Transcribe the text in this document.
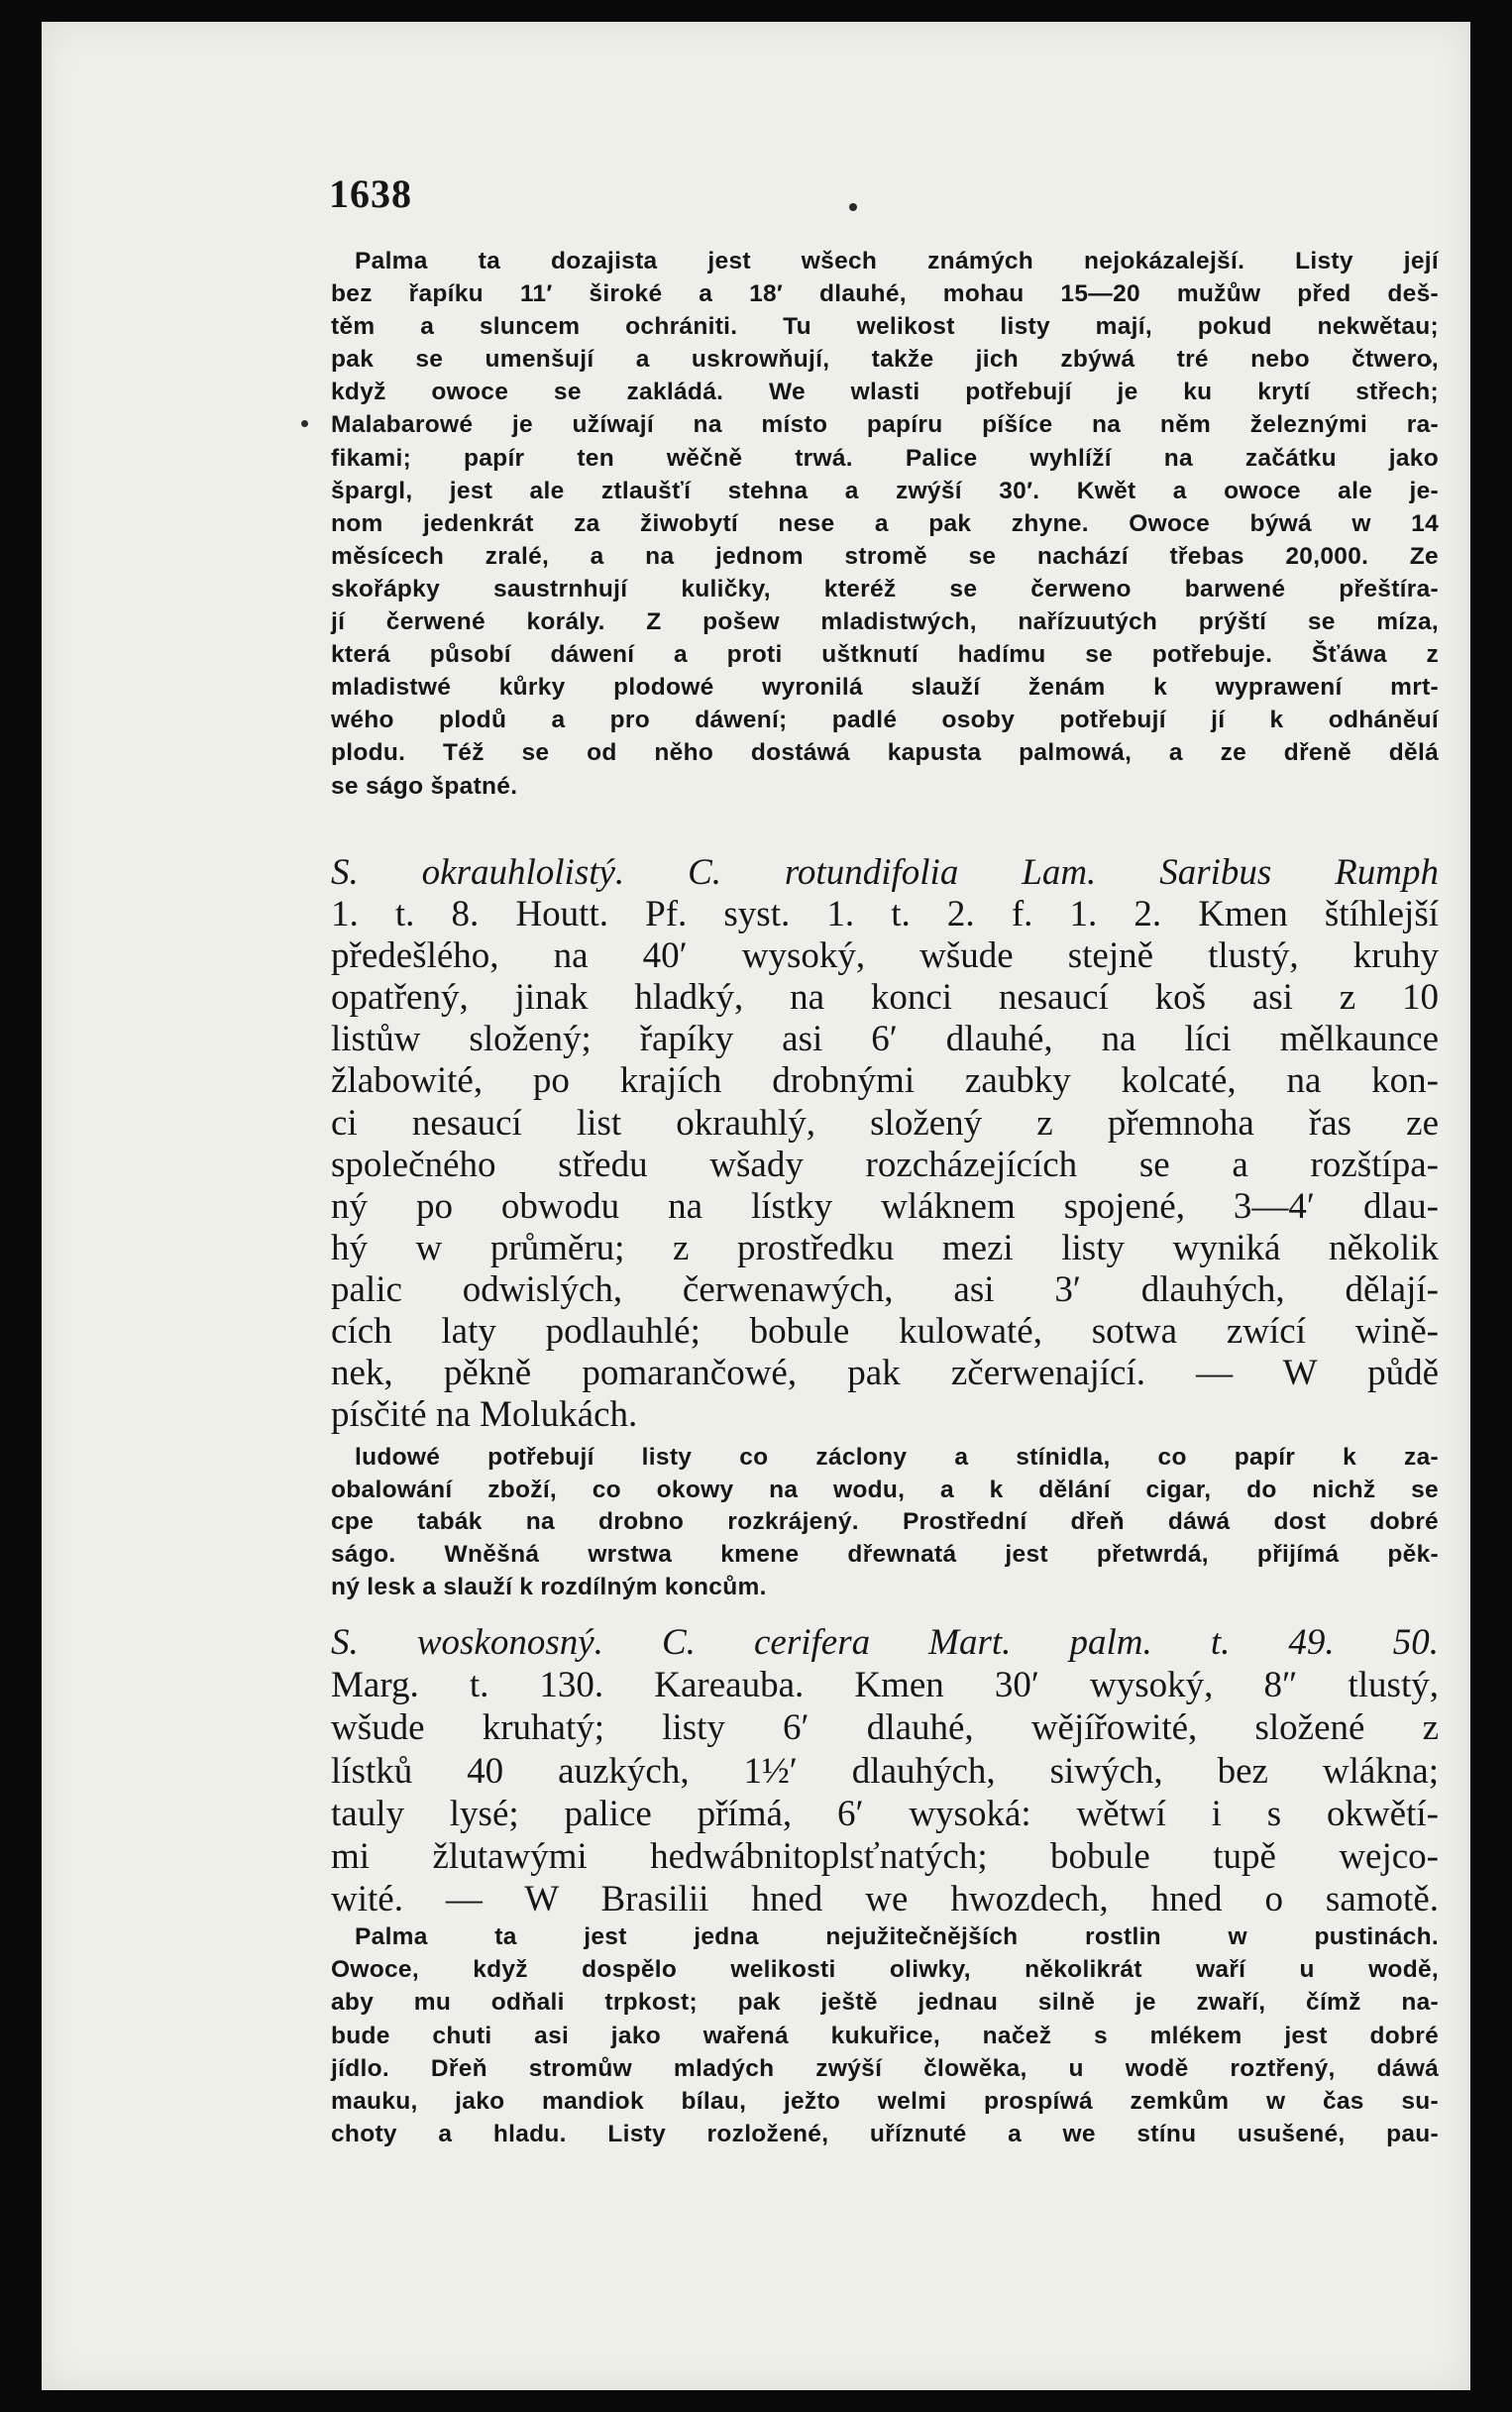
1638
Palma ta dozajista jest wšech známých nejokázalejší. Listy její
bez řapíku 11′ široké a 18′ dlauhé, mohau 15—20 mužůw před deš-
těm a sluncem ochrániti. Tu welikost listy mají, pokud nekwětau;
pak se umenšují a uskrowňují, takže jich zbýwá tré nebo čtwero,
když owoce se zakládá. We wlasti potřebují je ku krytí střech;
Malabarowé je užíwají na místo papíru píšíce na něm železnými ra-
fikami; papír ten wěčně trwá. Palice wyhlíží na začátku jako
špargl, jest ale ztlaušťí stehna a zwýší 30′. Kwět a owoce ale je-
nom jedenkrát za žiwobytí nese a pak zhyne. Owoce býwá w 14
měsícech zralé, a na jednom stromě se nachází třebas 20,000. Ze
skořápky saustrnhují kuličky, kteréž se čerweno barwené přeštíra-
jí čerwené korály. Z pošew mladistwých, nařízuutých prýští se míza,
která působí dáwení a proti uštknutí hadímu se potřebuje. Šťáwa z
mladistwé kůrky plodowé wyronilá slauží ženám k wyprawení mrt-
wého plodů a pro dáwení; padlé osoby potřebují jí k odháněuí
plodu. Též se od něho dostáwá kapusta palmowá, a ze dřeně dělá
se ságo špatné.
S. okrauhlolistý. C. rotundifolia Lam. Saribus Rumph
1. t. 8. Houtt. Pf. syst. 1. t. 2. f. 1. 2. Kmen štíhlejší
předešlého, na 40′ wysoký, wšude stejně tlustý, kruhy
opatřený, jinak hladký, na konci nesaucí koš asi z 10
listůw složený; řapíky asi 6′ dlauhé, na líci mělkaunce
žlabowité, po krajích drobnými zaubky kolcaté, na kon-
ci nesaucí list okrauhlý, složený z přemnoha řas ze
společného středu wšady rozcházejících se a rozštípa-
ný po obwodu na lístky wláknem spojené, 3—4′ dlau-
hý w průměru; z prostředku mezi listy wyniká několik
palic odwislých, čerwenawých, asi 3′ dlauhých, dělají-
cích laty podlauhlé; bobule kulowaté, sotwa zwící wině-
nek, pěkně pomarančowé, pak zčerwenající. — W půdě
písčité na Molukách.
ludowé potřebují listy co záclony a stínidla, co papír k za-
obalowání zboží, co okowy na wodu, a k dělání cigar, do nichž se
cpe tabák na drobno rozkrájený. Prostřední dřeň dáwá dost dobré
ságo. Wněšná wrstwa kmene dřewnatá jest přetwrdá, přijímá pěk-
ný lesk a slauží k rozdílným koncům.
S. woskonosný. C. cerifera Mart. palm. t. 49. 50.
Marg. t. 130. Kareauba. Kmen 30′ wysoký, 8″ tlustý,
wšude kruhatý; listy 6′ dlauhé, wějířowité, složené z
lístků 40 auzkých, 1½′ dlauhých, siwých, bez wlákna;
tauly lysé; palice přímá, 6′ wysoká: wětwí i s okwětí-
mi žlutawými hedwábnitoplsťnatých; bobule tupě wejco-
wité. — W Brasilii hned we hwozdech, hned o samotě.
Palma ta jest jedna nejužitečnějších rostlin w pustinách.
Owoce, když dospělo welikosti oliwky, několikrát waří u wodě,
aby mu odňali trpkost; pak ještě jednau silně je zwaří, čímž na-
bude chuti asi jako wařená kukuřice, načež s mlékem jest dobré
jídlo. Dřeň stromůw mladých zwýší člowěka, u wodě roztřený, dáwá
mauku, jako mandiok bílau, ježto welmi prospíwá zemkům w čas su-
choty a hladu. Listy rozložené, uříznuté a we stínu usušené, pau-
